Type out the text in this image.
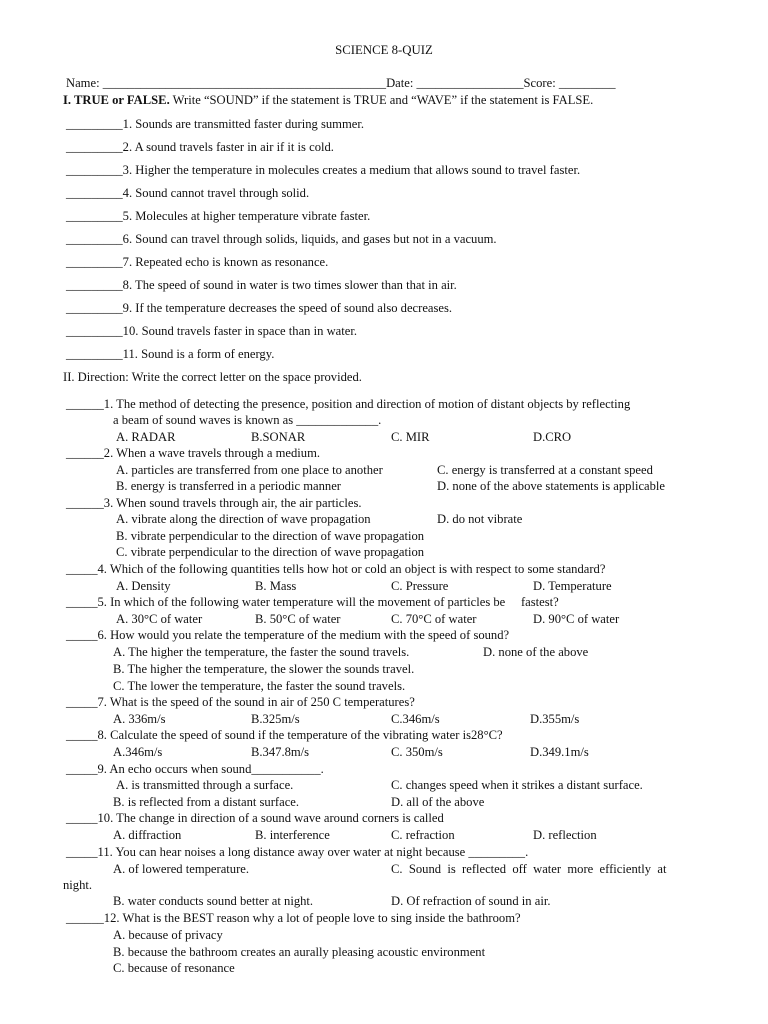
SCIENCE 8-QUIZ
Name: _____________________________________________Date: _________________Score: _________
I. TRUE or FALSE. Write “SOUND” if the statement is TRUE and “WAVE” if the statement is FALSE.
_________1. Sounds are transmitted faster during summer.
_________2. A sound travels faster in air if it is cold.
_________3. Higher the temperature in molecules creates a medium that allows sound to travel faster.
_________4. Sound cannot travel through solid.
_________5. Molecules at higher temperature vibrate faster.
_________6. Sound can travel through solids, liquids, and gases but not in a vacuum.
_________7. Repeated echo is known as resonance.
_________8. The speed of sound in water is two times slower than that in air.
_________9. If the temperature decreases the speed of sound also decreases.
_________10. Sound travels faster in space than in water.
_________11. Sound is a form of energy.
II. Direction: Write the correct letter on the space provided.
______1. The method of detecting the presence, position and direction of motion of distant objects by reflecting
a beam of sound waves is known as _____________.
A. RADAR	B.SONAR	C. MIR	D.CRO
______2. When a wave travels through a medium.
A. particles are transferred from one place to another	C. energy is transferred at a constant speed
B. energy is transferred in a periodic manner	D. none of the above statements is applicable
______3. When sound travels through air, the air particles.
A. vibrate along the direction of wave propagation	D. do not vibrate
B. vibrate perpendicular to the direction of wave propagation
C. vibrate perpendicular to the direction of wave propagation
_____4. Which of the following quantities tells how hot or cold an object is with respect to some standard?
A. Density	B. Mass	C. Pressure	D. Temperature
_____5. In which of the following water temperature will the movement of particles be     fastest?
A. 30°C of water	B. 50°C of water	C. 70°C of water	D. 90°C of water
_____6. How would you relate the temperature of the medium with the speed of sound?
A. The higher the temperature, the faster the sound travels.	D. none of the above
B. The higher the temperature, the slower the sounds travel.
C. The lower the temperature, the faster the sound travels.
_____7. What is the speed of the sound in air of 250 C temperatures?
A. 336m/s	B.325m/s	C.346m/s	D.355m/s
_____8. Calculate the speed of sound if the temperature of the vibrating water is28°C?
A.346m/s	B.347.8m/s	C. 350m/s	D.349.1m/s
_____9. An echo occurs when sound___________.
A. is transmitted through a surface.	C. changes speed when it strikes a distant surface.
B. is reflected from a distant surface.	D. all of the above
_____10. The change in direction of a sound wave around corners is called
A. diffraction	B. interference	C. refraction	D. reflection
_____11. You can hear noises a long distance away over water at night because _________.
A. of lowered temperature.	C.  Sound  is  reflected  off  water  more  efficiently  at
night.
B. water conducts sound better at night.	D. Of refraction of sound in air.
______12. What is the BEST reason why a lot of people love to sing inside the bathroom?
A. because of privacy
B. because the bathroom creates an aurally pleasing acoustic environment
C. because of resonance
